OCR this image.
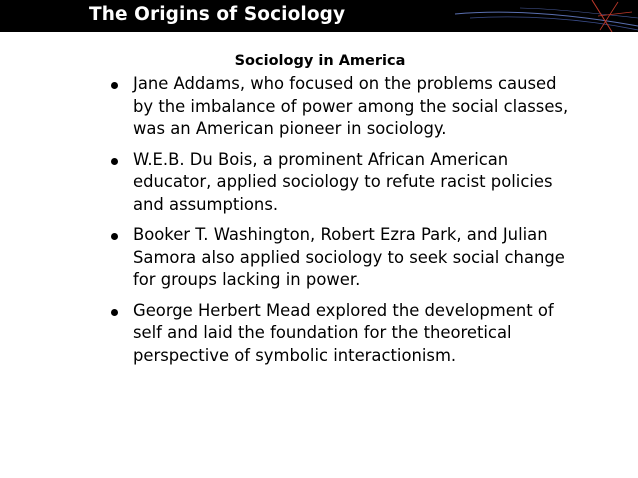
The Origins of Sociology
Sociology in America
Jane Addams, who focused on the problems caused by the imbalance of power among the social classes, was an American pioneer in sociology.
W.E.B. Du Bois, a prominent African American educator, applied sociology to refute racist policies and assumptions.
Booker T. Washington, Robert Ezra Park, and Julian Samora also applied sociology to seek social change for groups lacking in power.
George Herbert Mead explored the development of self and laid the foundation for the theoretical perspective of symbolic interactionism.
